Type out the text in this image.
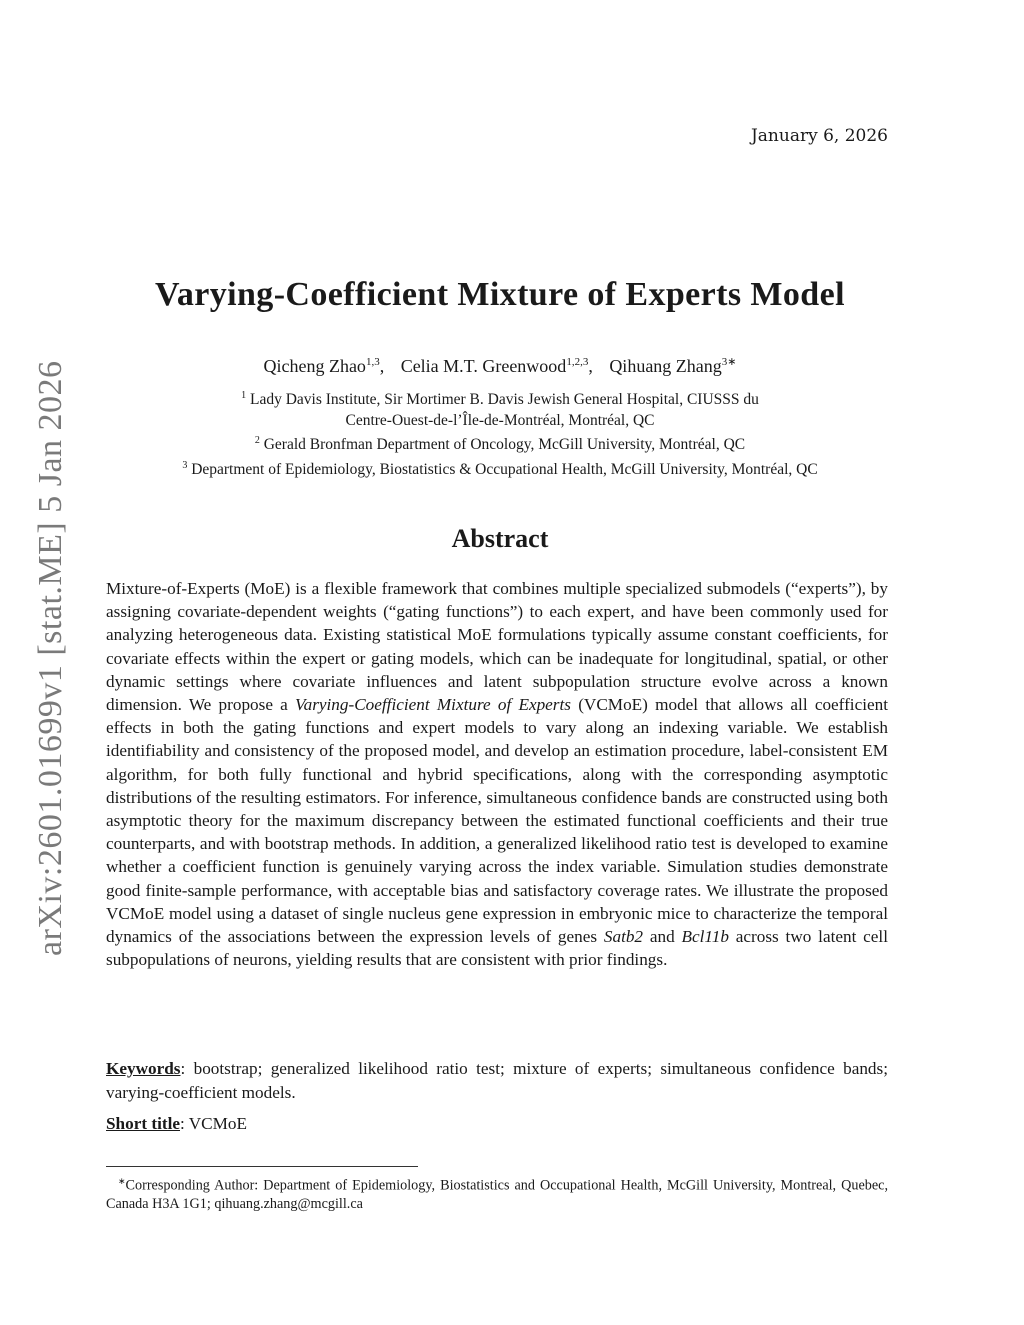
January 6, 2026
arXiv:2601.01699v1 [stat.ME] 5 Jan 2026
Varying-Coefficient Mixture of Experts Model
Qicheng Zhao$^{1,3}$, Celia M.T. Greenwood$^{1,2,3}$, Qihuang Zhang$^{3∗}$
$^1$ Lady Davis Institute, Sir Mortimer B. Davis Jewish General Hospital, CIUSSS du
Centre-Ouest-de-l’Île-de-Montréal, Montréal, QC
$^2$ Gerald Bronfman Department of Oncology, McGill University, Montréal, QC
$^3$ Department of Epidemiology, Biostatistics & Occupational Health, McGill University, Montréal, QC
Abstract
Mixture-of-Experts (MoE) is a flexible framework that combines multiple specialized submodels (“experts”), by assigning covariate-dependent weights (“gating functions”) to each expert, and have been commonly used for analyzing heterogeneous data. Existing statistical MoE formulations typically assume constant coefficients, for covariate effects within the expert or gating models, which can be inadequate for longitudinal, spatial, or other dynamic settings where covariate influences and latent subpopulation structure evolve across a known dimension. We propose a Varying-Coefficient Mixture of Experts (VCMoE) model that allows all coefficient effects in both the gating functions and expert models to vary along an indexing variable. We establish identifiability and consistency of the proposed model, and develop an estimation procedure, label-consistent EM algorithm, for both fully functional and hybrid specifications, along with the corresponding asymptotic distributions of the resulting estimators. For inference, simultaneous confidence bands are constructed using both asymptotic theory for the maximum discrepancy between the estimated functional coefficients and their true counterparts, and with bootstrap methods. In addition, a generalized likelihood ratio test is developed to examine whether a coefficient function is genuinely varying across the index variable. Simulation studies demonstrate good finite-sample performance, with acceptable bias and satisfactory coverage rates. We illustrate the proposed VCMoE model using a dataset of single nucleus gene expression in embryonic mice to characterize the temporal dynamics of the associations between the expression levels of genes Satb2 and Bcl11b across two latent cell subpopulations of neurons, yielding results that are consistent with prior findings.
Keywords: bootstrap; generalized likelihood ratio test; mixture of experts; simultaneous confidence bands; varying-coefficient models.
Short title: VCMoE
∗Corresponding Author: Department of Epidemiology, Biostatistics and Occupational Health, McGill University, Montreal, Quebec, Canada H3A 1G1; qihuang.zhang@mcgill.ca
